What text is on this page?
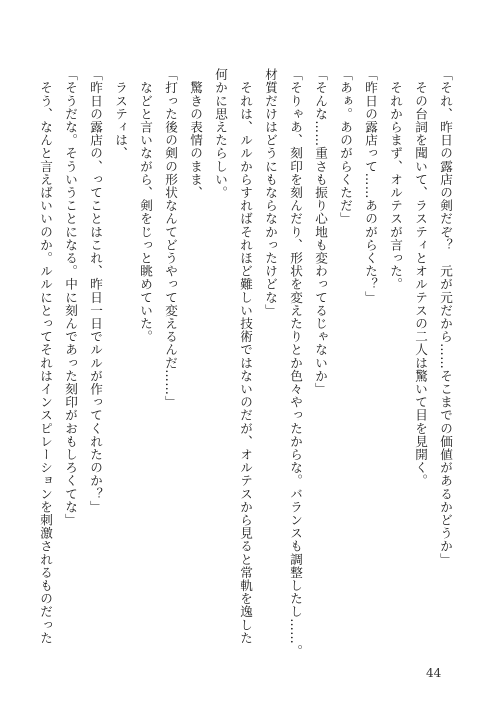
「それ、昨日の露店の剣だぞ？　元が元だから……そこまでの価値があるかどうか」
　その台詞を聞いて、ラスティとオルテスの二人は驚いて目を見開く。
　それからまず、オルテスが言った。
「昨日の露店って……あのがらくた？」
「あぁ。あのがらくただ」
「そんな……重さも振り心地も変わってるじゃないか」
「そりゃあ、刻印を刻んだり、形状を変えたりとか色々やったからな。バランスも調整したし……。
材質だけはどうにもならなかったけどな」
　それは、ルルからすればそれほど難しい技術ではないのだが、オルテスから見ると常軌を逸した
何かに思えたらしい。
　驚きの表情のまま、
「打った後の剣の形状なんてどうやって変えるんだ……」
　などと言いながら、剣をじっと眺めていた。
　ラスティは、
「昨日の露店の、ってことはこれ、昨日一日でルルが作ってくれたのか？」
「そうだな。そういうことになる。中に刻んであった刻印がおもしろくてな」
　そう、なんと言えばいいのか。ルルにとってそれはインスピレーションを刺激されるものだった
44
